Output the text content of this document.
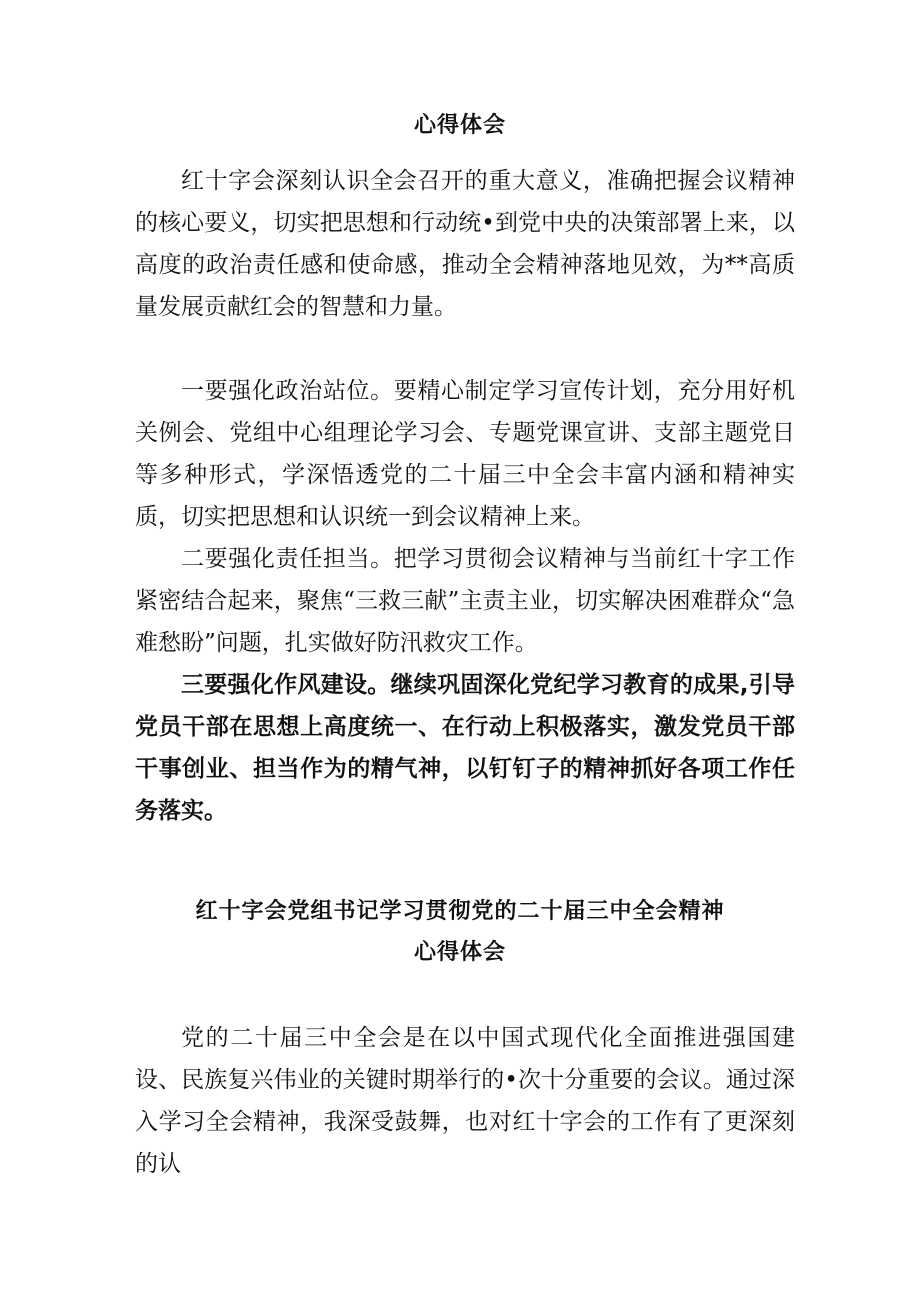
心得体会

红十字会深刻认识全会召开的重大意义，准确把握会议精神的核心要义，切实把思想和行动统•到党中央的决策部署上来，以高度的政治责任感和使命感，推动全会精神落地见效，为**高质量发展贡献红会的智慧和力量。

一要强化政治站位。要精心制定学习宣传计划，充分用好机关例会、党组中心组理论学习会、专题党课宣讲、支部主题党日等多种形式，学深悟透党的二十届三中全会丰富内涵和精神实质，切实把思想和认识统一到会议精神上来。

二要强化责任担当。把学习贯彻会议精神与当前红十字工作紧密结合起来，聚焦“三救三献”主责主业，切实解决困难群众“急难愁盼”问题，扎实做好防汛救灾工作。

三要强化作风建设。继续巩固深化党纪学习教育的成果,引导党员干部在思想上高度统一、在行动上积极落实，激发党员干部干事创业、担当作为的精气神，以钉钉子的精神抓好各项工作任务落实。

红十字会党组书记学习贯彻党的二十届三中全会精神
心得体会

党的二十届三中全会是在以中国式现代化全面推进强国建设、民族复兴伟业的关键时期举行的•次十分重要的会议。通过深入学习全会精神，我深受鼓舞，也对红十字会的工作有了更深刻的认
